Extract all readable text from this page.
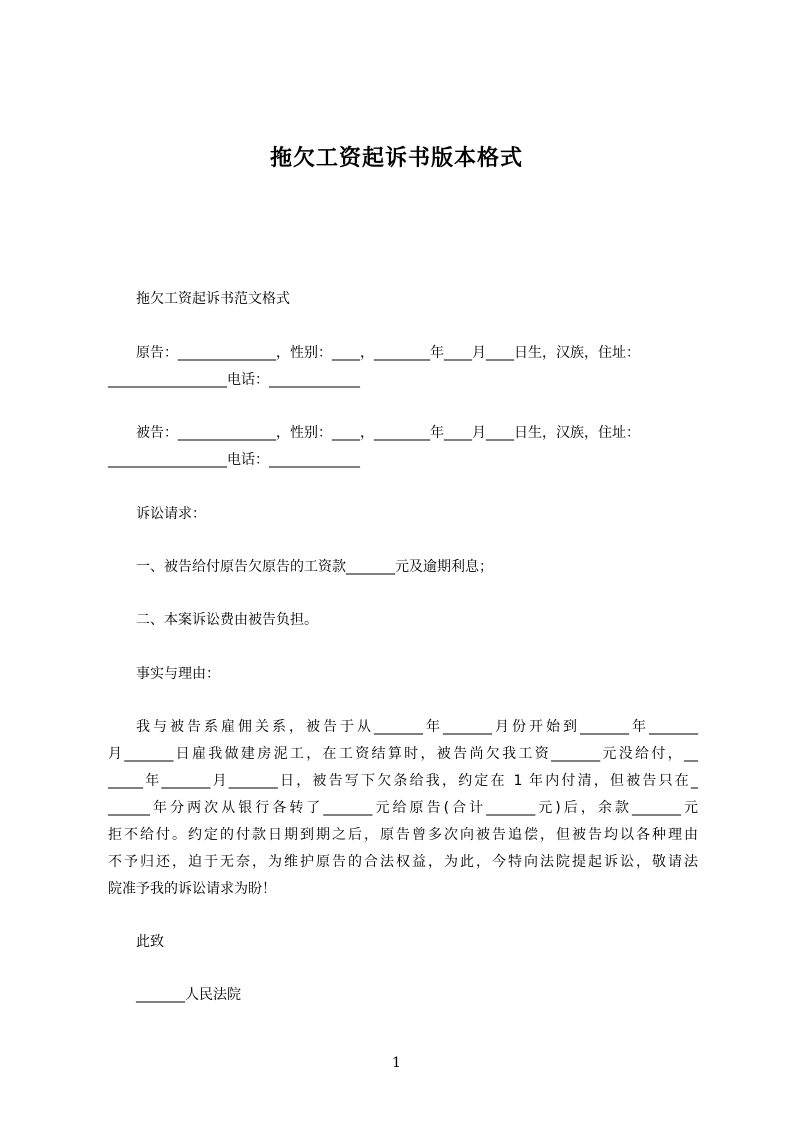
拖欠工资起诉书版本格式
拖欠工资起诉书范文格式
原告：______________，性别：____，________年____月____日生，汉族，住址：
_________________电话：_____________
被告：______________，性别：____，________年____月____日生，汉族，住址：
_________________电话：_____________
诉讼请求：
一、被告给付原告欠原告的工资款_______元及逾期利息；
二、本案诉讼费由被告负担。
事实与理由：
我与被告系雇佣关系，被告于从_______年_______月份开始到_______年_______
月_______日雇我做建房泥工，在工资结算时，被告尚欠我工资_______元没给付，__
_____年_______月_______日，被告写下欠条给我，约定在 1 年内付清，但被告只在_
______年分两次从银行各转了_______元给原告(合计_______元)后，余款_______元
拒不给付。约定的付款日期到期之后，原告曾多次向被告追偿，但被告均以各种理由
不予归还，迫于无奈，为维护原告的合法权益，为此，今特向法院提起诉讼，敬请法
院准予我的诉讼请求为盼！
此致
_______人民法院
1
